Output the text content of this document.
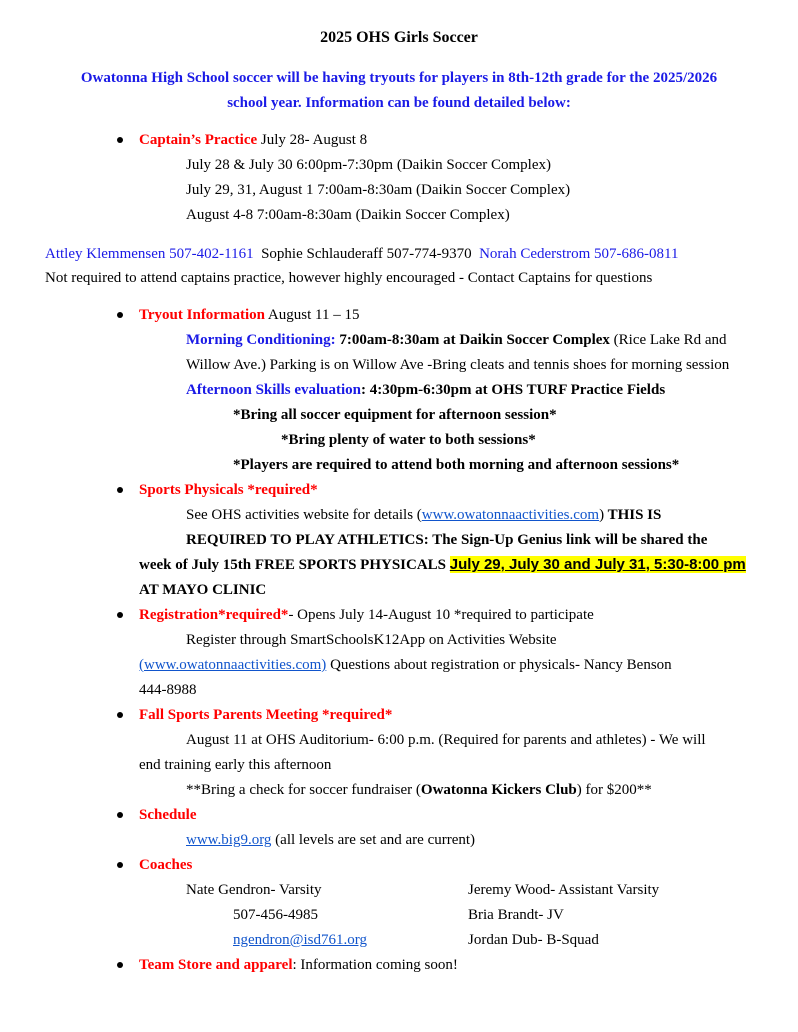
2025 OHS Girls Soccer
Owatonna High School soccer will be having tryouts for players in 8th-12th grade for the 2025/2026
school year. Information can be found detailed below:
Captain’s Practice July 28- August 8
July 28 & July 30 6:00pm-7:30pm (Daikin Soccer Complex)
July 29, 31, August 1 7:00am-8:30am (Daikin Soccer Complex)
August 4-8 7:00am-8:30am (Daikin Soccer Complex)
Attley Klemmensen 507-402-1161 Sophie Schlauderaff 507-774-9370 Norah Cederstrom 507-686-0811
Not required to attend captains practice, however highly encouraged - Contact Captains for questions
Tryout Information August 11 – 15
Morning Conditioning: 7:00am-8:30am at Daikin Soccer Complex (Rice Lake Rd and
Willow Ave.) Parking is on Willow Ave -Bring cleats and tennis shoes for morning session
Afternoon Skills evaluation: 4:30pm-6:30pm at OHS TURF Practice Fields
*Bring all soccer equipment for afternoon session*
*Bring plenty of water to both sessions*
*Players are required to attend both morning and afternoon sessions*
Sports Physicals *required*
See OHS activities website for details (www.owatonnaactivities.com) THIS IS
REQUIRED TO PLAY ATHLETICS: The Sign-Up Genius link will be shared the
week of July 15th FREE SPORTS PHYSICALS July 29, July 30 and July 31, 5:30-8:00 pm
AT MAYO CLINIC
Registration*required*- Opens July 14-August 10 *required to participate
Register through SmartSchoolsK12App on Activities Website
(www.owatonnaactivities.com) Questions about registration or physicals- Nancy Benson
444-8988
Fall Sports Parents Meeting *required*
August 11 at OHS Auditorium- 6:00 p.m. (Required for parents and athletes) - We will
end training early this afternoon
**Bring a check for soccer fundraiser (Owatonna Kickers Club) for $200**
Schedule
www.big9.org (all levels are set and are current)
Coaches
Nate Gendron- Varsity
507-456-4985
ngendron@isd761.org
Jeremy Wood- Assistant Varsity
Bria Brandt- JV
Jordan Dub- B-Squad
Team Store and apparel: Information coming soon!
